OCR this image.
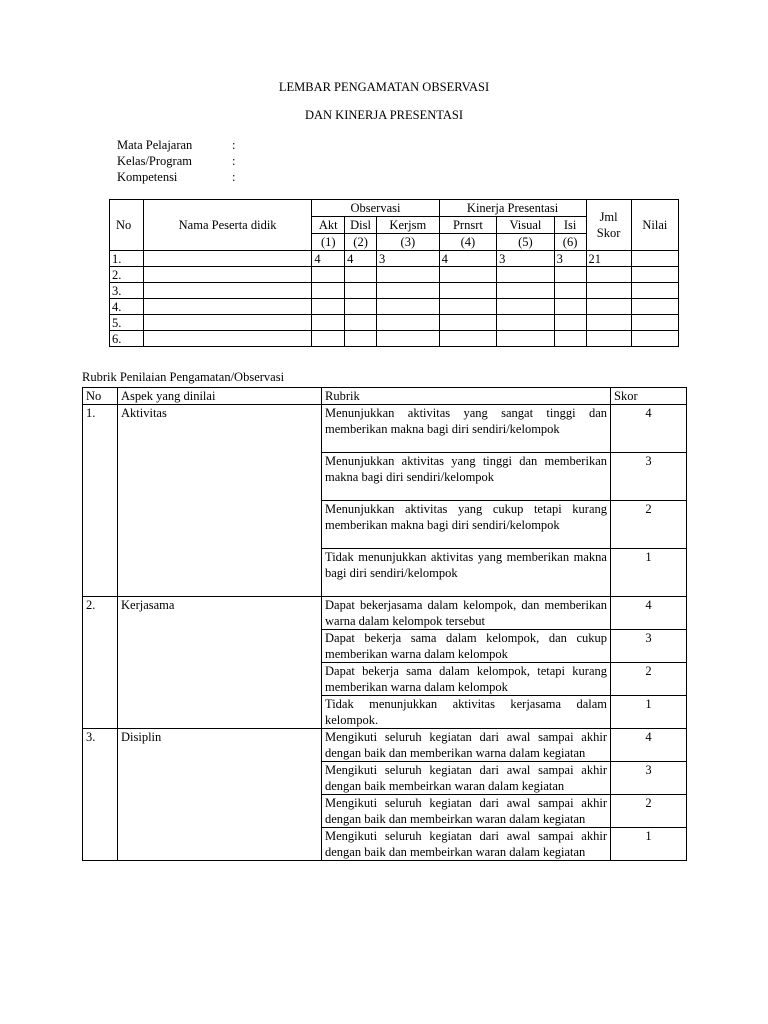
LEMBAR PENGAMATAN OBSERVASI
DAN KINERJA PRESENTASI
Mata Pelajaran	:
Kelas/Program	:
Kompetensi	:
No	Nama Peserta didik	Observasi			Kinerja Presentasi			Jml
Skor	Nilai
		Akt	Disl	Kerjsm	Prnsrt	Visual	Isi		
		(1)	(2)	(3)	(4)	(5)	(6)		
1.		4	4	3	4	3	3	21	
2.									
3.									
4.									
5.									
6.									
Rubrik Penilaian Pengamatan/Observasi
No	Aspek yang dinilai	Rubrik	Skor
1.	Aktivitas	Menunjukkan aktivitas yang sangat tinggi dan memberikan makna bagi diri sendiri/kelompok	4
		Menunjukkan aktivitas yang tinggi dan memberikan makna bagi diri sendiri/kelompok	3
		Menunjukkan aktivitas yang cukup tetapi kurang memberikan makna bagi diri sendiri/kelompok	2
		Tidak menunjukkan aktivitas yang memberikan makna bagi diri sendiri/kelompok	1
2.	Kerjasama	Dapat bekerjasama dalam kelompok, dan memberikan warna dalam kelompok tersebut	4
		Dapat bekerja sama dalam kelompok, dan cukup memberikan warna dalam kelompok	3
		Dapat bekerja sama dalam kelompok, tetapi kurang memberikan warna dalam kelompok	2
		Tidak menunjukkan aktivitas kerjasama dalam kelompok.	1
3.	Disiplin	Mengikuti seluruh kegiatan dari awal sampai akhir dengan baik dan memberikan warna dalam kegiatan	4
		Mengikuti seluruh kegiatan dari awal sampai akhir dengan baik membeirkan waran dalam kegiatan	3
		Mengikuti seluruh kegiatan dari awal sampai akhir dengan baik dan membeirkan waran dalam kegiatan	2
		Mengikuti seluruh kegiatan dari awal sampai akhir dengan baik dan membeirkan waran dalam kegiatan	1
